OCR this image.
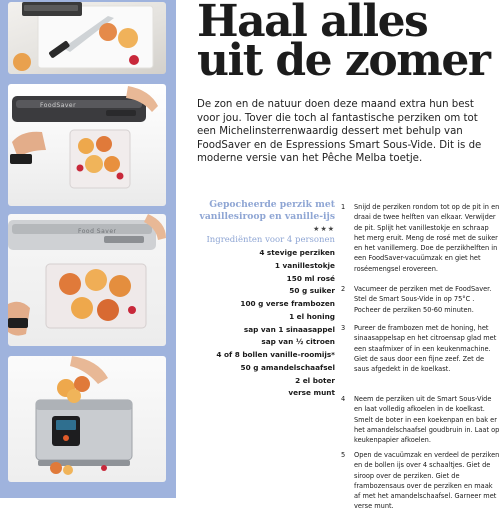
FoodSaver
Food Saver
Haal alles uit de zomer

De zon en de natuur doen deze maand extra hun best voor jou. Tover die toch al fantastische perziken om tot een Michelinsterrenwaardig dessert met behulp van FoodSaver en de Espressions Smart Sous-Vide. Dit is de moderne versie van het Pêche Melba toetje.

Gepocheerde perzik met vanillesiroop en vanille-ijs
★★★
Ingrediënten voor 4 personen
4 stevige perziken
1 vanillestokje
150 ml rosé
50 g suiker
100 g verse frambozen
1 el honing
sap van 1 sinaasappel
sap van ½ citroen
4 of 8 bollen vanille-roomijs*
50 g amandelschaafsel
2 el boter
verse munt
1	Snijd de perziken rondom tot op de pit in en draai de twee helften van elkaar. Verwijder de pit. Splijt het vanillestokje en schraap het merg eruit. Meng de rosé met de suiker en het vanillemerg. Doe de perzikhelften in een FoodSaver-vacuümzak en giet het roséemengsel erovereen.

2	Vacumeer de perziken met de FoodSaver. Stel de Smart Sous-Vide in op 75°C . Pocheer de perziken 50-60 minuten.

3	Pureer de frambozen met de honing, het sinaasappelsap en het citroensap glad met een staafmixer of in een keukenmachine. Giet de saus door een fijne zeef. Zet de saus afgedekt in de koelkast.

4	Neem de perziken uit de Smart Sous-Vide en laat volledig afkoelen in de koelkast. Smelt de boter in een koekenpan en bak er het amandelschaafsel goudbruin in. Laat op keukenpapier afkoelen.

5	Open de vacuümzak en verdeel de perziken en de bollen ijs over 4 schaaltjes. Giet de siroop over de perziken. Giet de frambozensaus over de perziken en maak af met het amandelschaafsel. Garneer met verse munt.
